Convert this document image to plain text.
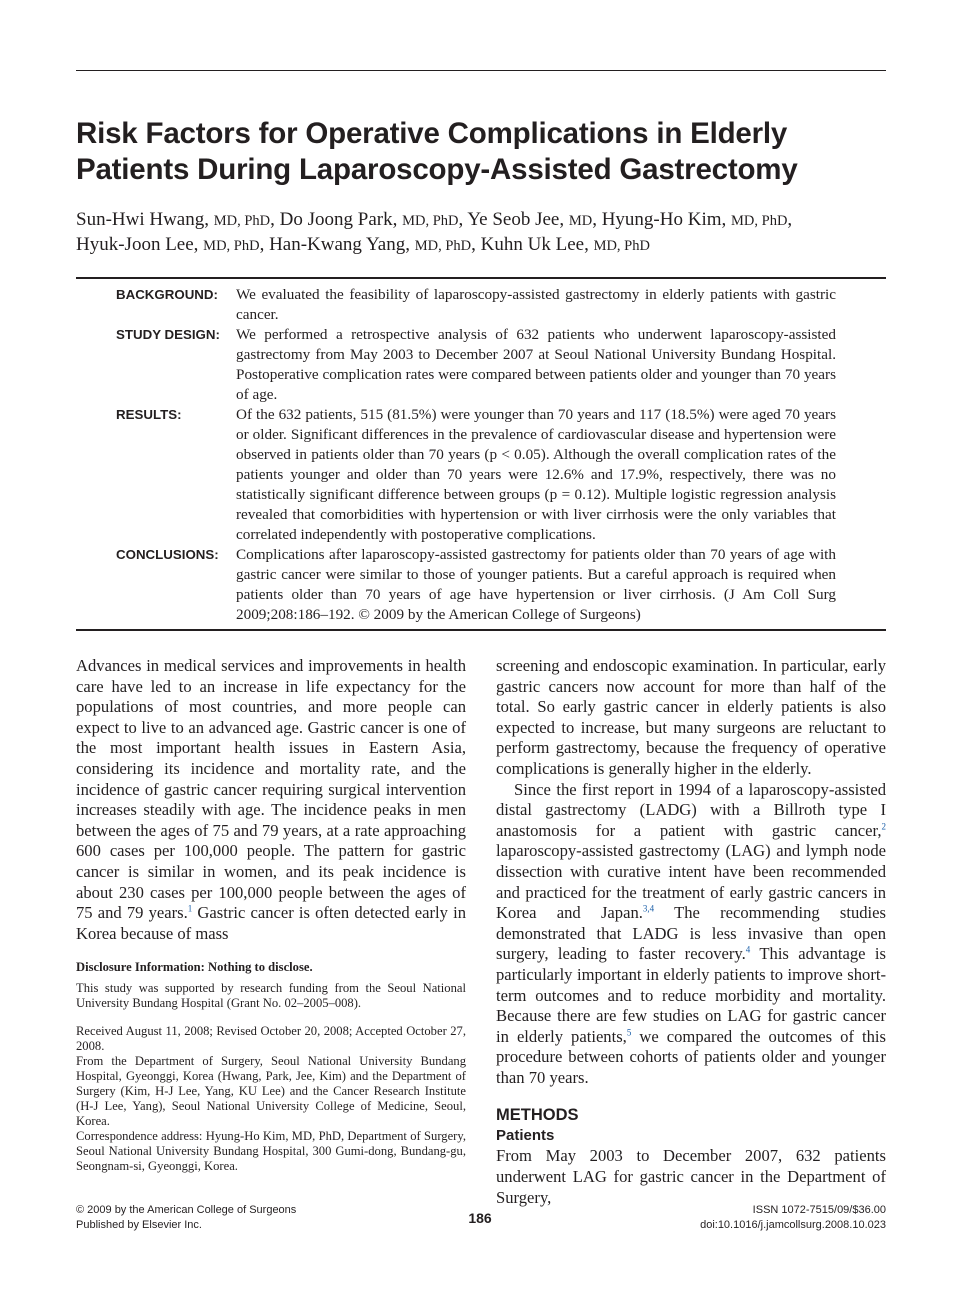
Risk Factors for Operative Complications in Elderly Patients During Laparoscopy-Assisted Gastrectomy

Sun-Hwi Hwang, MD, PhD, Do Joong Park, MD, PhD, Ye Seob Jee, MD, Hyung-Ho Kim, MD, PhD,
Hyuk-Joon Lee, MD, PhD, Han-Kwang Yang, MD, PhD, Kuhn Uk Lee, MD, PhD

BACKGROUND:	We evaluated the feasibility of laparoscopy-assisted gastrectomy in elderly patients with gastric cancer.
STUDY DESIGN:	We performed a retrospective analysis of 632 patients who underwent laparoscopy-assisted gastrectomy from May 2003 to December 2007 at Seoul National University Bundang Hospital. Postoperative complication rates were compared between patients older and younger than 70 years of age.
RESULTS:	Of the 632 patients, 515 (81.5%) were younger than 70 years and 117 (18.5%) were aged 70 years or older. Significant differences in the prevalence of cardiovascular disease and hypertension were observed in patients older than 70 years (p < 0.05). Although the overall complication rates of the patients younger and older than 70 years were 12.6% and 17.9%, respectively, there was no statistically significant difference between groups (p = 0.12). Multiple logistic regression analysis revealed that comorbidities with hypertension or with liver cirrhosis were the only variables that correlated independently with postoperative complications.
CONCLUSIONS:	Complications after laparoscopy-assisted gastrectomy for patients older than 70 years of age with gastric cancer were similar to those of younger patients. But a careful approach is required when patients older than 70 years of age have hypertension or liver cirrhosis. (J Am Coll Surg 2009;208:186–192. © 2009 by the American College of Surgeons)

Advances in medical services and improvements in health care have led to an increase in life expectancy for the populations of most countries, and more people can expect to live to an advanced age. Gastric cancer is one of the most important health issues in Eastern Asia, considering its incidence and mortality rate, and the incidence of gastric cancer requiring surgical intervention increases steadily with age. The incidence peaks in men between the ages of 75 and 79 years, at a rate approaching 600 cases per 100,000 people. The pattern for gastric cancer is similar in women, and its peak incidence is about 230 cases per 100,000 people between the ages of 75 and 79 years.$^1$ Gastric cancer is often detected early in Korea because of mass

Disclosure Information: Nothing to disclose.

This study was supported by research funding from the Seoul National University Bundang Hospital (Grant No. 02–2005–008).

Received August 11, 2008; Revised October 20, 2008; Accepted October 27, 2008.

From the Department of Surgery, Seoul National University Bundang Hospital, Gyeonggi, Korea (Hwang, Park, Jee, Kim) and the Department of Surgery (Kim, H-J Lee, Yang, KU Lee) and the Cancer Research Institute (H-J Lee, Yang), Seoul National University College of Medicine, Seoul, Korea.

Correspondence address: Hyung-Ho Kim, MD, PhD, Department of Surgery, Seoul National University Bundang Hospital, 300 Gumi-dong, Bundang-gu, Seongnam-si, Gyeonggi, Korea.

screening and endoscopic examination. In particular, early gastric cancers now account for more than half of the total. So early gastric cancer in elderly patients is also expected to increase, but many surgeons are reluctant to perform gastrectomy, because the frequency of operative complications is generally higher in the elderly.

Since the first report in 1994 of a laparoscopy-assisted distal gastrectomy (LADG) with a Billroth type I anastomosis for a patient with gastric cancer,$^2$ laparoscopy-assisted gastrectomy (LAG) and lymph node dissection with curative intent have been recommended and practiced for the treatment of early gastric cancers in Korea and Japan.$^{3,4}$ The recommending studies demonstrated that LADG is less invasive than open surgery, leading to faster recovery.$^4$ This advantage is particularly important in elderly patients to improve short-term outcomes and to reduce morbidity and mortality. Because there are few studies on LAG for gastric cancer in elderly patients,$^5$ we compared the outcomes of this procedure between cohorts of patients older and younger than 70 years.

METHODS
Patients

From May 2003 to December 2007, 632 patients underwent LAG for gastric cancer in the Department of Surgery,

© 2009 by the American College of Surgeons
Published by Elsevier Inc.	186	ISSN 1072-7515/09/$36.00
doi:10.1016/j.jamcollsurg.2008.10.023
